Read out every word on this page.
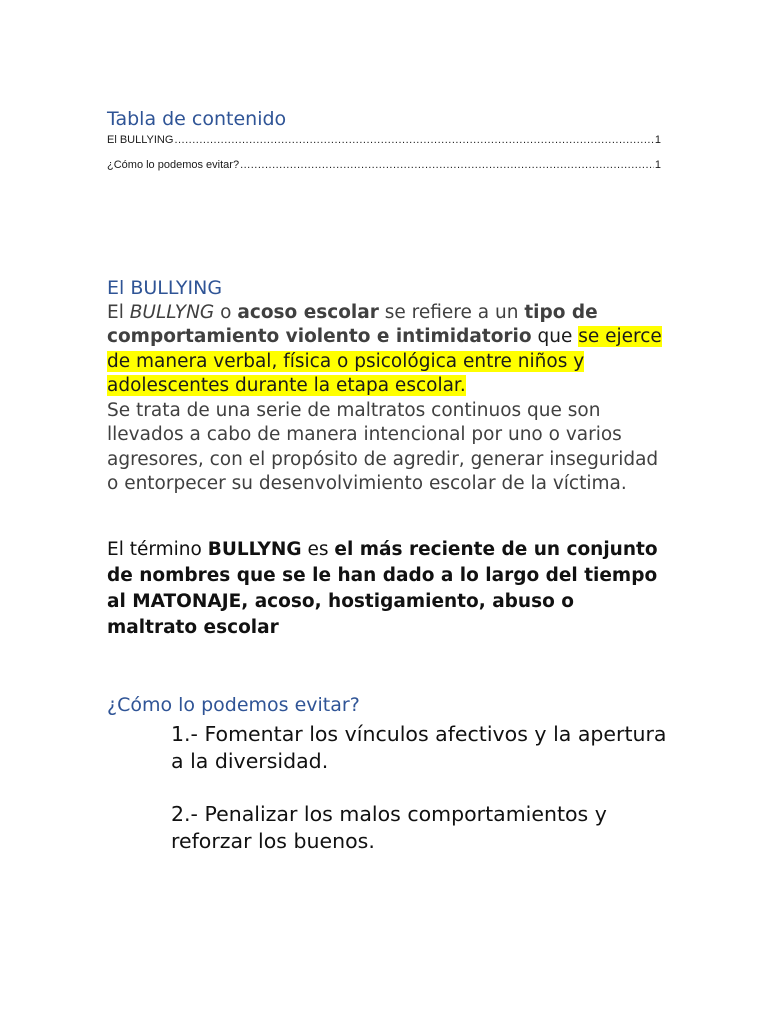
Tabla de contenido
El BULLYING .....	1
¿Cómo lo podemos evitar? .....	1
El BULLYING
El BULLYNG o acoso escolar se refiere a un tipo de comportamiento violento e intimidatorio que se ejerce de manera verbal, física o psicológica entre niños y adolescentes durante la etapa escolar.
Se trata de una serie de maltratos continuos que son llevados a cabo de manera intencional por uno o varios agresores, con el propósito de agredir, generar inseguridad o entorpecer su desenvolvimiento escolar de la víctima.
El término BULLYNG es el más reciente de un conjunto de nombres que se le han dado a lo largo del tiempo al MATONAJE, acoso, hostigamiento, abuso o maltrato escolar
¿Cómo lo podemos evitar?
1.- Fomentar los vínculos afectivos y la apertura a la diversidad.
2.- Penalizar los malos comportamientos y reforzar los buenos.
